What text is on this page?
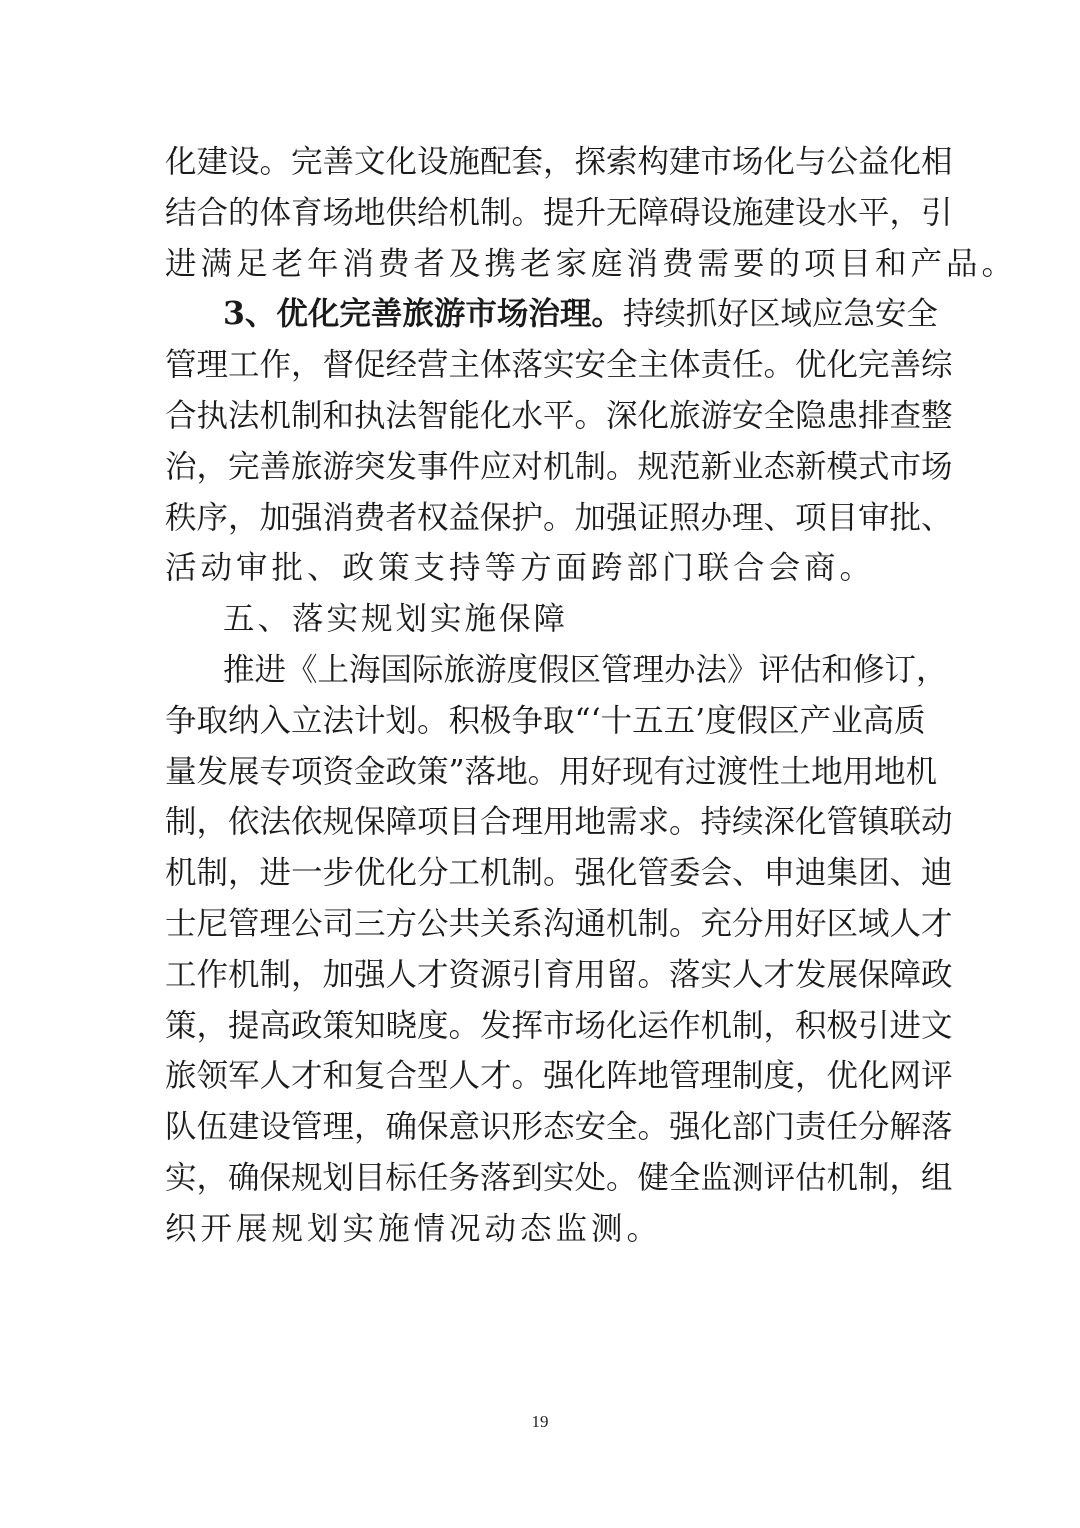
化建设。完善文化设施配套，探索构建市场化与公益化相
结合的体育场地供给机制。提升无障碍设施建设水平，引
进满足老年消费者及携老家庭消费需要的项目和产品。
3、优化完善旅游市场治理。持续抓好区域应急安全
管理工作，督促经营主体落实安全主体责任。优化完善综
合执法机制和执法智能化水平。深化旅游安全隐患排查整
治，完善旅游突发事件应对机制。规范新业态新模式市场
秩序，加强消费者权益保护。加强证照办理、项目审批、
活动审批、政策支持等方面跨部门联合会商。
五、落实规划实施保障
推进《上海国际旅游度假区管理办法》评估和修订，
争取纳入立法计划。积极争取“‘十五五’度假区产业高质
量发展专项资金政策”落地。用好现有过渡性土地用地机
制，依法依规保障项目合理用地需求。持续深化管镇联动
机制，进一步优化分工机制。强化管委会、申迪集团、迪
士尼管理公司三方公共关系沟通机制。充分用好区域人才
工作机制，加强人才资源引育用留。落实人才发展保障政
策，提高政策知晓度。发挥市场化运作机制，积极引进文
旅领军人才和复合型人才。强化阵地管理制度，优化网评
队伍建设管理，确保意识形态安全。强化部门责任分解落
实，确保规划目标任务落到实处。健全监测评估机制，组
织开展规划实施情况动态监测。
19
